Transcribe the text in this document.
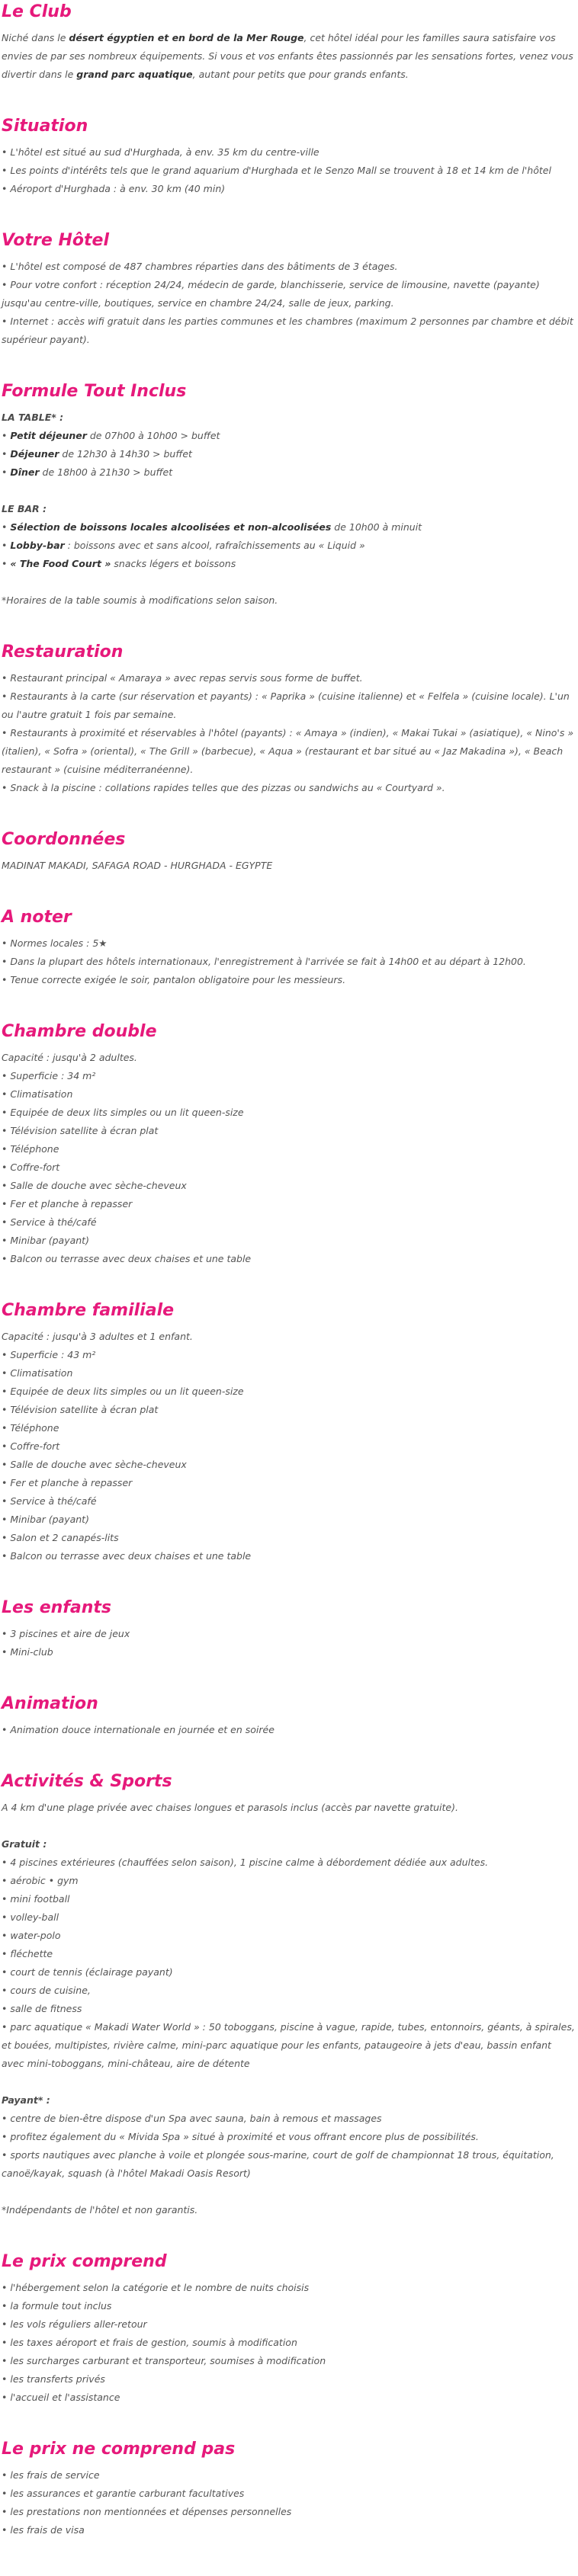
Le Club

Niché dans le désert égyptien et en bord de la Mer Rouge, cet hôtel idéal pour les familles saura satisfaire vos envies de par ses nombreux équipements. Si vous et vos enfants êtes passionnés par les sensations fortes, venez vous divertir dans le grand parc aquatique, autant pour petits que pour grands enfants.

Situation
• L'hôtel est situé au sud d'Hurghada, à env. 35 km du centre-ville
• Les points d'intérêts tels que le grand aquarium d'Hurghada et le Senzo Mall se trouvent à 18 et 14 km de l'hôtel
• Aéroport d'Hurghada : à env. 30 km (40 min)
Votre Hôtel
• L'hôtel est composé de 487 chambres réparties dans des bâtiments de 3 étages.
• Pour votre confort : réception 24/24, médecin de garde, blanchisserie, service de limousine, navette (payante) jusqu'au centre-ville, boutiques, service en chambre 24/24, salle de jeux, parking.
• Internet : accès wifi gratuit dans les parties communes et les chambres (maximum 2 personnes par chambre et débit supérieur payant).
Formule Tout Inclus
LA TABLE* :
• Petit déjeuner de 07h00 à 10h00 > buffet
• Déjeuner de 12h30 à 14h30 > buffet
• Dîner de 18h00 à 21h30 > buffet
LE BAR :
• Sélection de boissons locales alcoolisées et non-alcoolisées de 10h00 à minuit
• Lobby-bar : boissons avec et sans alcool, rafraîchissements au « Liquid »
• « The Food Court » snacks légers et boissons

*Horaires de la table soumis à modifications selon saison.

Restauration
• Restaurant principal « Amaraya » avec repas servis sous forme de buffet.
• Restaurants à la carte (sur réservation et payants) : « Paprika » (cuisine italienne) et « Felfela » (cuisine locale). L'un ou l'autre gratuit 1 fois par semaine.
• Restaurants à proximité et réservables à l'hôtel (payants) : « Amaya » (indien), « Makai Tukai » (asiatique), « Nino's » (italien), « Sofra » (oriental), « The Grill » (barbecue), « Aqua » (restaurant et bar situé au « Jaz Makadina »), « Beach restaurant » (cuisine méditerranéenne).
• Snack à la piscine : collations rapides telles que des pizzas ou sandwichs au « Courtyard ».
Coordonnées

MADINAT MAKADI, SAFAGA ROAD - HURGHADA - EGYPTE

A noter
• Normes locales : 5★
• Dans la plupart des hôtels internationaux, l'enregistrement à l'arrivée se fait à 14h00 et au départ à 12h00.
• Tenue correcte exigée le soir, pantalon obligatoire pour les messieurs.
Chambre double
Capacité : jusqu'à 2 adultes.
• Superficie : 34 m²
• Climatisation
• Equipée de deux lits simples ou un lit queen-size
• Télévision satellite à écran plat
• Téléphone
• Coffre-fort
• Salle de douche avec sèche-cheveux
• Fer et planche à repasser
• Service à thé/café
• Minibar (payant)
• Balcon ou terrasse avec deux chaises et une table
Chambre familiale
Capacité : jusqu'à 3 adultes et 1 enfant.
• Superficie : 43 m²
• Climatisation
• Equipée de deux lits simples ou un lit queen-size
• Télévision satellite à écran plat
• Téléphone
• Coffre-fort
• Salle de douche avec sèche-cheveux
• Fer et planche à repasser
• Service à thé/café
• Minibar (payant)
• Salon et 2 canapés-lits
• Balcon ou terrasse avec deux chaises et une table
Les enfants
• 3 piscines et aire de jeux
• Mini-club
Animation
• Animation douce internationale en journée et en soirée
Activités & Sports

A 4 km d'une plage privée avec chaises longues et parasols inclus (accès par navette gratuite).

Gratuit :
• 4 piscines extérieures (chauffées selon saison), 1 piscine calme à débordement dédiée aux adultes.
• aérobic • gym
• mini football
• volley-ball
• water-polo
• fléchette
• court de tennis (éclairage payant)
• cours de cuisine,
• salle de fitness
• parc aquatique « Makadi Water World » : 50 toboggans, piscine à vague, rapide, tubes, entonnoirs, géants, à spirales, et bouées, multipistes, rivière calme, mini-parc aquatique pour les enfants, pataugeoire à jets d'eau, bassin enfant avec mini-toboggans, mini-château, aire de détente
Payant* :
• centre de bien-être dispose d'un Spa avec sauna, bain à remous et massages
• profitez également du « Mivida Spa » situé à proximité et vous offrant encore plus de possibilités.
• sports nautiques avec planche à voile et plongée sous-marine, court de golf de championnat 18 trous, équitation, canoë/kayak, squash (à l'hôtel Makadi Oasis Resort)

*Indépendants de l'hôtel et non garantis.

Le prix comprend
• l'hébergement selon la catégorie et le nombre de nuits choisis
• la formule tout inclus
• les vols réguliers aller-retour
• les taxes aéroport et frais de gestion, soumis à modification
• les surcharges carburant et transporteur, soumises à modification
• les transferts privés
• l'accueil et l'assistance
Le prix ne comprend pas
• les frais de service
• les assurances et garantie carburant facultatives
• les prestations non mentionnées et dépenses personnelles
• les frais de visa
